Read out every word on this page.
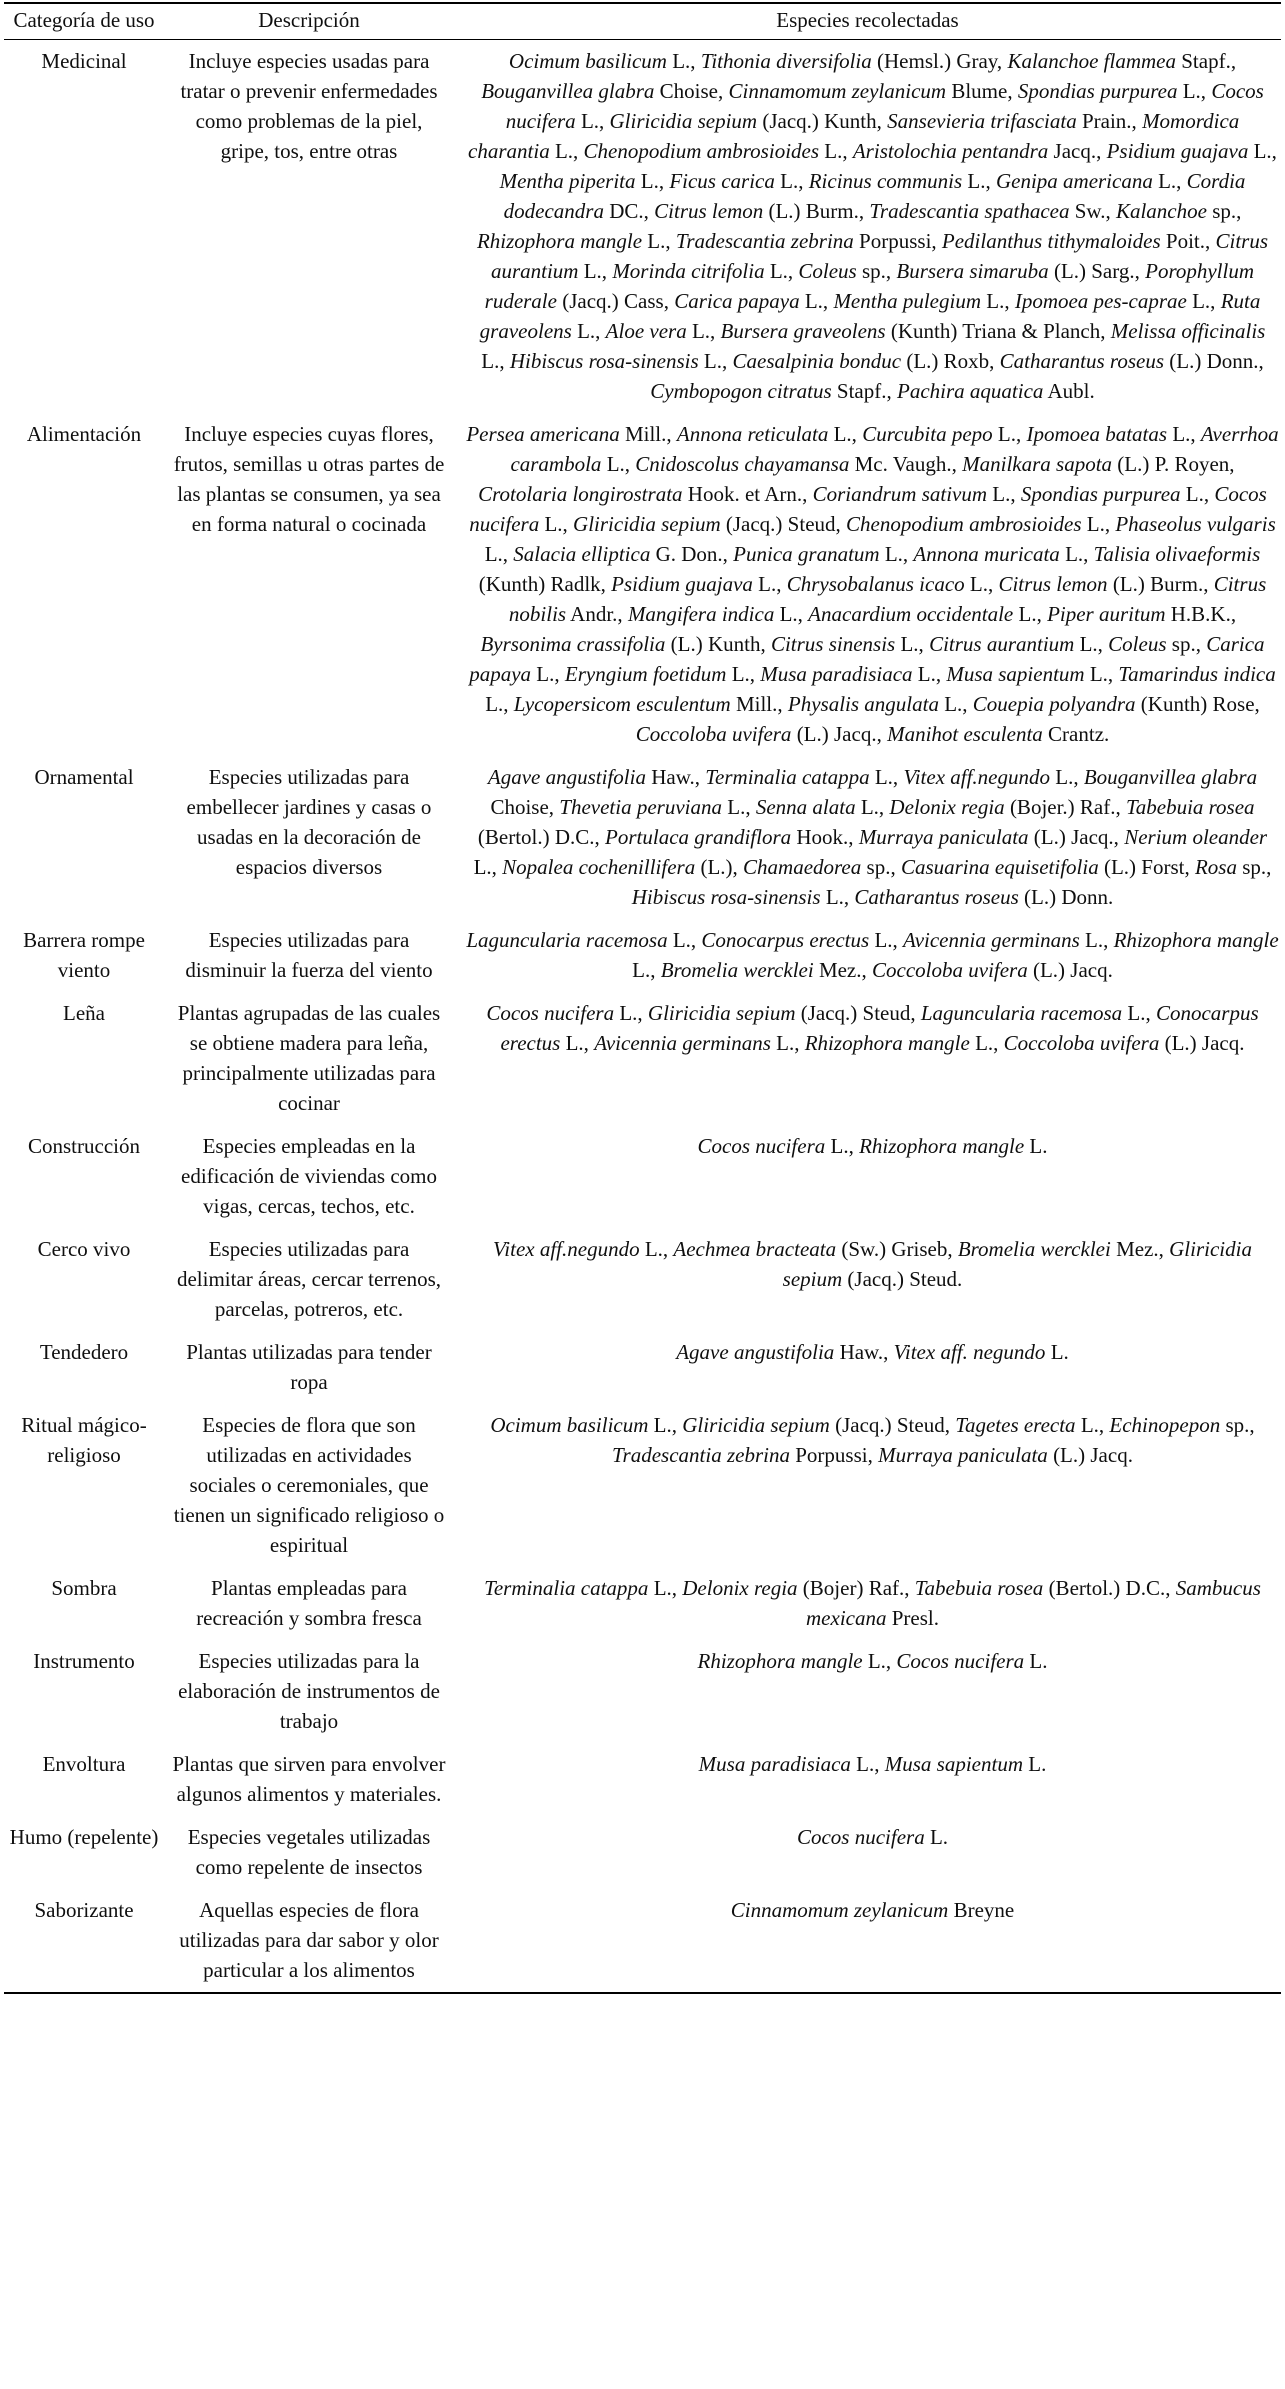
Categoría de uso	Descripción	Especies recolectadas
Medicinal	Incluye especies usadas para tratar o prevenir enfermedades como problemas de la piel, gripe, tos, entre otras	Ocimum basilicum L., Tithonia diversifolia (Hemsl.) Gray, Kalanchoe flammea Stapf., Bouganvillea glabra Choise, Cinnamomum zeylanicum Blume, Spondias purpurea L., Cocos nucifera L., Gliricidia sepium (Jacq.) Kunth, Sansevieria trifasciata Prain., Momordica charantia L., Chenopodium ambrosioides L., Aristolochia pentandra Jacq., Psidium guajava L., Mentha piperita L., Ficus carica L., Ricinus communis L., Genipa americana L., Cordia dodecandra DC., Citrus lemon (L.) Burm., Tradescantia spathacea Sw., Kalanchoe sp., Rhizophora mangle L., Tradescantia zebrina Porpussi, Pedilanthus tithymaloides Poit., Citrus aurantium L., Morinda citrifolia L., Coleus sp., Bursera simaruba (L.) Sarg., Porophyllum ruderale (Jacq.) Cass, Carica papaya L., Mentha pulegium L., Ipomoea pes-caprae L., Ruta graveolens L., Aloe vera L., Bursera graveolens (Kunth) Triana & Planch, Melissa officinalis L., Hibiscus rosa-sinensis L., Caesalpinia bonduc (L.) Roxb, Catharantus roseus (L.) Donn., Cymbopogon citratus Stapf., Pachira aquatica Aubl.
Alimentación	Incluye especies cuyas flores, frutos, semillas u otras partes de las plantas se consumen, ya sea en forma natural o cocinada	Persea americana Mill., Annona reticulata L., Curcubita pepo L., Ipomoea batatas L., Averrhoa carambola L., Cnidoscolus chayamansa Mc. Vaugh., Manilkara sapota (L.) P. Royen, Crotolaria longirostrata Hook. et Arn., Coriandrum sativum L., Spondias purpurea L., Cocos nucifera L., Gliricidia sepium (Jacq.) Steud, Chenopodium ambrosioides L., Phaseolus vulgaris L., Salacia elliptica G. Don., Punica granatum L., Annona muricata L., Talisia olivaeformis (Kunth) Radlk, Psidium guajava L., Chrysobalanus icaco L., Citrus lemon (L.) Burm., Citrus nobilis Andr., Mangifera indica L., Anacardium occidentale L., Piper auritum H.B.K., Byrsonima crassifolia (L.) Kunth, Citrus sinensis L., Citrus aurantium L., Coleus sp., Carica papaya L., Eryngium foetidum L., Musa paradisiaca L., Musa sapientum L., Tamarindus indica L., Lycopersicom esculentum Mill., Physalis angulata L., Couepia polyandra (Kunth) Rose, Coccoloba uvifera (L.) Jacq., Manihot esculenta Crantz.
Ornamental	Especies utilizadas para embellecer jardines y casas o usadas en la decoración de espacios diversos	Agave angustifolia Haw., Terminalia catappa L., Vitex aff.negundo L., Bouganvillea glabra Choise, Thevetia peruviana L., Senna alata L., Delonix regia (Bojer.) Raf., Tabebuia rosea (Bertol.) D.C., Portulaca grandiflora Hook., Murraya paniculata (L.) Jacq., Nerium oleander L., Nopalea cochenillifera (L.), Chamaedorea sp., Casuarina equisetifolia (L.) Forst, Rosa sp., Hibiscus rosa-sinensis L., Catharantus roseus (L.) Donn.
Barrera rompe viento	Especies utilizadas para disminuir la fuerza del viento	Laguncularia racemosa L., Conocarpus erectus L., Avicennia germinans L., Rhizophora mangle L., Bromelia wercklei Mez., Coccoloba uvifera (L.) Jacq.
Leña	Plantas agrupadas de las cuales se obtiene madera para leña, principalmente utilizadas para cocinar	Cocos nucifera L., Gliricidia sepium (Jacq.) Steud, Laguncularia racemosa L., Conocarpus erectus L., Avicennia germinans L., Rhizophora mangle L., Coccoloba uvifera (L.) Jacq.
Construcción	Especies empleadas en la edificación de viviendas como vigas, cercas, techos, etc.	Cocos nucifera L., Rhizophora mangle L.
Cerco vivo	Especies utilizadas para delimitar áreas, cercar terrenos, parcelas, potreros, etc.	Vitex aff.negundo L., Aechmea bracteata (Sw.) Griseb, Bromelia wercklei Mez., Gliricidia sepium (Jacq.) Steud.
Tendedero	Plantas utilizadas para tender ropa	Agave angustifolia Haw., Vitex aff. negundo L.
Ritual mágico-religioso	Especies de flora que son utilizadas en actividades sociales o ceremoniales, que tienen un significado religioso o espiritual	Ocimum basilicum L., Gliricidia sepium (Jacq.) Steud, Tagetes erecta L., Echinopepon sp., Tradescantia zebrina Porpussi, Murraya paniculata (L.) Jacq.
Sombra	Plantas empleadas para recreación y sombra fresca	Terminalia catappa L., Delonix regia (Bojer) Raf., Tabebuia rosea (Bertol.) D.C., Sambucus mexicana Presl.
Instrumento	Especies utilizadas para la elaboración de instrumentos de trabajo	Rhizophora mangle L., Cocos nucifera L.
Envoltura	Plantas que sirven para envolver algunos alimentos y materiales.	Musa paradisiaca L., Musa sapientum L.
Humo (repelente)	Especies vegetales utilizadas como repelente de insectos	Cocos nucifera L.
Saborizante	Aquellas especies de flora utilizadas para dar sabor y olor particular a los alimentos	Cinnamomum zeylanicum Breyne
